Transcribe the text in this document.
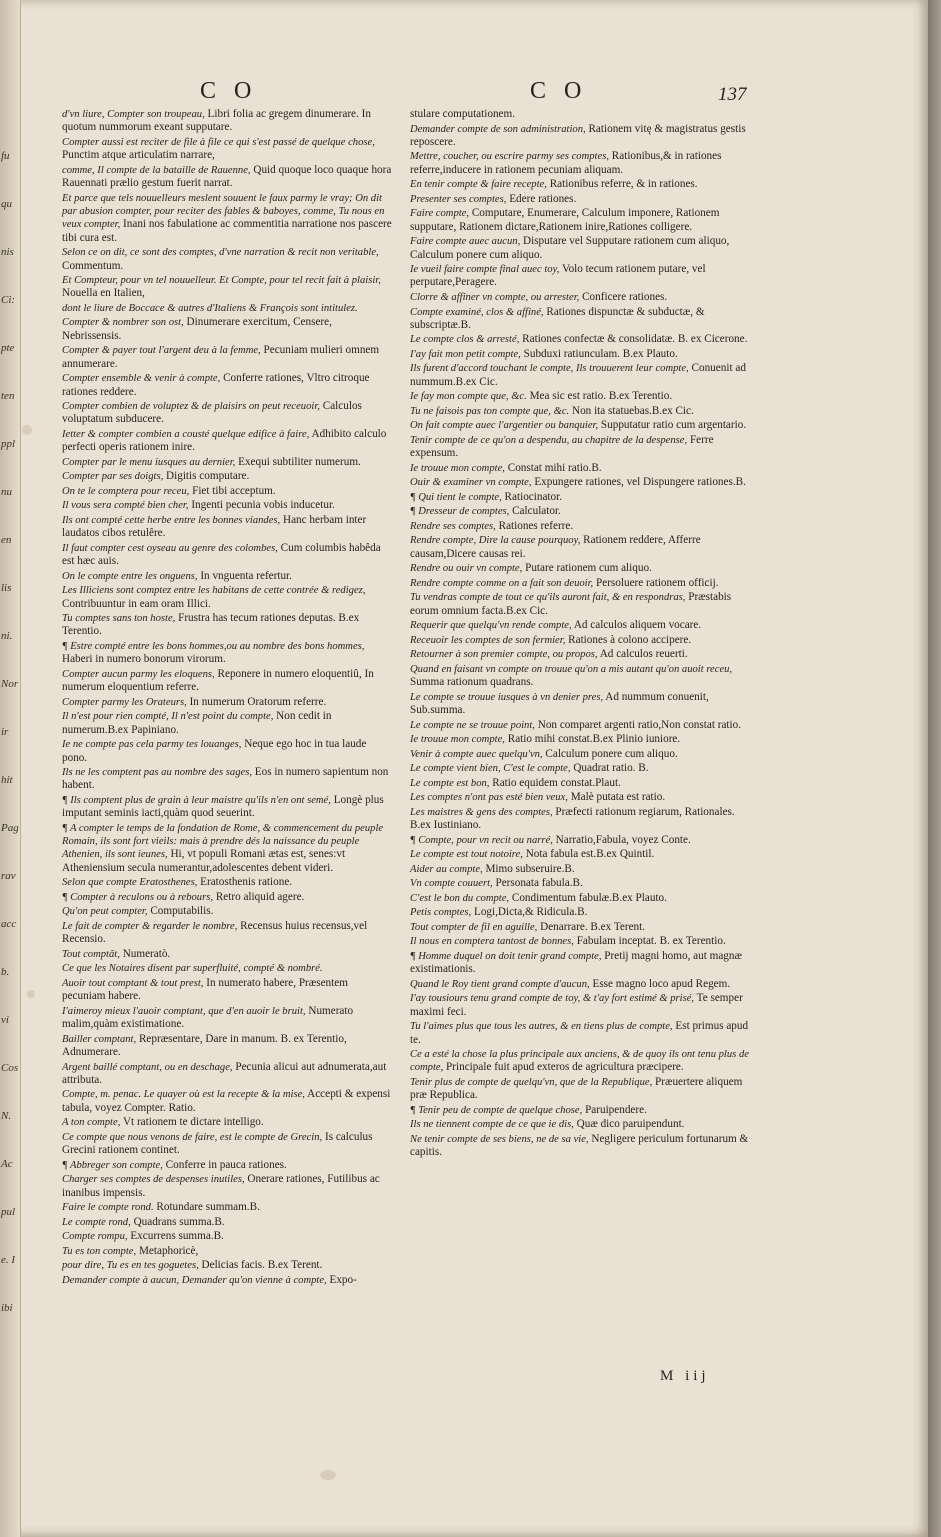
fu
qu
nis
Ci:
pte
ten
ppl
nu
en
lis
ni.
Nor
ir
hit
Pag
rav
acc
b.
vi
Cos
N.
Ac
pul
e. I
ibi
C O	C O	137
d'vn liure, Compter son troupeau, Libri folia ac gregem dinumerare. In quotum nummorum exeant supputare.
Compter aussi est reciter de file à file ce qui s'est passé de quelque chose, Punctim atque articulatim narrare,
comme, Il compte de la bataille de Rauenne, Quid quoque loco quaque hora Rauennati prælio gestum fuerit narrat.
Et parce que tels nouuelleurs meslent souuent le faux parmy le vray; On dit par abusion compter, pour reciter des fables & baboyes, comme, Tu nous en veux compter, Inani nos fabulatione ac commentitia narratione nos pascere tibi cura est.
Selon ce on dit, ce sont des comptes, d'vne narration & recit non veritable, Commentum.
Et Compteur, pour vn tel nouuelleur. Et Compte, pour tel recit fait à plaisir, Nouella en Italien,
dont le liure de Boccace & autres d'Italiens & François sont intitulez.
Compter & nombrer son ost, Dinumerare exercitum, Censere, Nebrissensis.
Compter & payer tout l'argent deu à la femme, Pecuniam mulieri omnem annumerare.
Compter ensemble & venir à compte, Conferre rationes, Vltro citroque rationes reddere.
Compter combien de voluptez & de plaisirs on peut receuoir, Calculos voluptatum subducere.
Ietter & compter combien a cousté quelque edifice à faire, Adhibito calculo perfecti operis rationem inire.
Compter par le menu iusques au dernier, Exequi subtiliter numerum.
Compter par ses doigts, Digitis computare.
On te le comptera pour receu, Fiet tibi acceptum.
Il vous sera compté bien cher, Ingenti pecunia vobis inducetur.
Ils ont compté cette herbe entre les bonnes viandes, Hanc herbam inter laudatos cibos retulêre.
Il faut compter cest oyseau au genre des colombes, Cum columbis habêda est hæc auis.
On le compte entre les onguens, In vnguenta refertur.
Les Illiciens sont comptez entre les habitans de cette contrée & redigez, Contribuuntur in eam oram Illici.
Tu comptes sans ton hoste, Frustra has tecum rationes deputas. B.ex Terentio.
¶ Estre compté entre les bons hommes,ou au nombre des bons hommes, Haberi in numero bonorum virorum.
Compter aucun parmy les eloquens, Reponere in numero eloquentiû, In numerum eloquentium referre.
Compter parmy les Orateurs, In numerum Oratorum referre.
Il n'est pour rien compté, Il n'est point du compte, Non cedit in numerum.B.ex Papiniano.
Ie ne compte pas cela parmy tes louanges, Neque ego hoc in tua laude pono.
Ils ne les comptent pas au nombre des sages, Eos in numero sapientum non habent.
¶ Ils comptent plus de grain à leur maistre qu'ils n'en ont semé, Longè plus imputant seminis iacti,quàm quod seuerint.
¶ A compter le temps de la fondation de Rome, & commencement du peuple Romain, ils sont fort vieils: mais à prendre dés la naissance du peuple Athenien, ils sont ieunes, Hi, vt populi Romani ætas est, senes:vt Atheniensium secula numerantur,adolescentes debent videri.
Selon que compte Eratosthenes, Eratosthenis ratione.
¶ Compter à reculons ou à rebours, Retro aliquid agere.
Qu'on peut compter, Computabilis.
Le fait de compter & regarder le nombre, Recensus huius recensus,vel Recensio.
Tout comptât, Numeratò.
Ce que les Notaires disent par superfluité, compté & nombré.
Auoir tout comptant & tout prest, In numerato habere, Præsentem pecuniam habere.
I'aimeroy mieux l'auoir comptant, que d'en auoir le bruit, Numerato malim,quàm existimatione.
Bailler comptant, Repræsentare, Dare in manum. B. ex Terentio, Adnumerare.
Argent baillé comptant, ou en deschage, Pecunia alicui aut adnumerata,aut attributa.
Compte, m. penac. Le quayer où est la recepte & la mise, Accepti & expensi tabula, voyez Compter. Ratio.
A ton compte, Vt rationem te dictare intelligo.
Ce compte que nous venons de faire, est le compte de Grecin, Is calculus Grecini rationem continet.
¶ Abbreger son compte, Conferre in pauca rationes.
Charger ses comptes de despenses inutiles, Onerare rationes, Futilibus ac inanibus impensis.
Faire le compte rond. Rotundare summam.B.
Le compte rond, Quadrans summa.B.
Compte rompu, Excurrens summa.B.
Tu es ton compte, Metaphoricè,
pour dire, Tu es en tes goguetes, Delicias facis. B.ex Terent.
Demander compte à aucun, Demander qu'on vienne à compte, Expo-
stulare computationem.
Demander compte de son administration, Rationem vitę & magistratus gestis reposcere.
Mettre, coucher, ou escrire parmy ses comptes, Rationibus,& in rationes referre,inducere in rationem pecuniam aliquam.
En tenir compte & faire recepte, Rationibus referre, & in rationes.
Presenter ses comptes, Edere rationes.
Faire compte, Computare, Enumerare, Calculum imponere, Rationem supputare, Rationem dictare,Rationem inire,Rationes colligere.
Faire compte auec aucun, Disputare vel Supputare rationem cum aliquo, Calculum ponere cum aliquo.
Ie vueil faire compte final auec toy, Volo tecum rationem putare, vel perputare,Peragere.
Clorre & affiner vn compte, ou arrester, Conficere rationes.
Compte examiné, clos & affiné, Rationes dispunctæ & subductæ, & subscriptæ.B.
Le compte clos & arresté, Rationes confectæ & consolidatæ. B. ex Cicerone.
I'ay fait mon petit compte, Subduxi ratiunculam. B.ex Plauto.
Ils furent d'accord touchant le compte, Ils trouuerent leur compte, Conuenit ad nummum.B.ex Cic.
Ie fay mon compte que, &c. Mea sic est ratio. B.ex Terentio.
Tu ne faisois pas ton compte que, &c. Non ita statuebas.B.ex Cic.
On fait compte auec l'argentier ou banquier, Supputatur ratio cum argentario.
Tenir compte de ce qu'on a despendu, au chapitre de la despense, Ferre expensum.
Ie trouue mon compte, Constat mihi ratio.B.
Ouir & examiner vn compte, Expungere rationes, vel Dispungere rationes.B.
¶ Qui tient le compte, Ratiocinator.
¶ Dresseur de comptes, Calculator.
Rendre ses comptes, Rationes referre.
Rendre compte, Dire la cause pourquoy, Rationem reddere, Afferre causam,Dicere causas rei.
Rendre ou ouir vn compte, Putare rationem cum aliquo.
Rendre compte comme on a fait son deuoir, Persoluere rationem officij.
Tu vendras compte de tout ce qu'ils auront fait, & en respondras, Præstabis eorum omnium facta.B.ex Cic.
Requerir que quelqu'vn rende compte, Ad calculos aliquem vocare.
Receuoir les comptes de son fermier, Rationes à colono accipere.
Retourner à son premier compte, ou propos, Ad calculos reuerti.
Quand en faisant vn compte on trouue qu'on a mis autant qu'on auoit receu, Summa rationum quadrans.
Le compte se trouue iusques à vn denier pres, Ad nummum conuenit, Sub.summa.
Le compte ne se trouue point, Non comparet argenti ratio,Non constat ratio.
Ie trouue mon compte, Ratio mihi constat.B.ex Plinio iuniore.
Venir à compte auec quelqu'vn, Calculum ponere cum aliquo.
Le compte vient bien, C'est le compte, Quadrat ratio. B.
Le compte est bon, Ratio equidem constat.Plaut.
Les comptes n'ont pas esté bien veux, Malè putata est ratio.
Les maistres & gens des comptes, Præfecti rationum regiarum, Rationales. B.ex Iustiniano.
¶ Compte, pour vn recit ou narré, Narratio,Fabula, voyez Conte.
Le compte est tout notoire, Nota fabula est.B.ex Quintil.
Aider au compte, Mimo subseruire.B.
Vn compte couuert, Personata fabula.B.
C'est le bon du compte, Condimentum fabulæ.B.ex Plauto.
Petis comptes, Logi,Dicta,& Ridicula.B.
Tout compter de fil en aguille, Denarrare. B.ex Terent.
Il nous en comptera tantost de bonnes, Fabulam inceptat. B. ex Terentio.
¶ Homme duquel on doit tenir grand compte, Pretij magni homo, aut magnæ existimationis.
Quand le Roy tient grand compte d'aucun, Esse magno loco apud Regem.
I'ay tousiours tenu grand compte de toy, & t'ay fort estimé & prisé, Te semper maximi feci.
Tu l'aimes plus que tous les autres, & en tiens plus de compte, Est primus apud te.
Ce a esté la chose la plus principale aux anciens, & de quoy ils ont tenu plus de compte, Principale fuit apud exteros de agricultura præcipere.
Tenir plus de compte de quelqu'vn, que de la Republique, Præuertere aliquem præ Republica.
¶ Tenir peu de compte de quelque chose, Paruipendere.
Ils ne tiennent compte de ce que ie dis, Quæ dico paruipendunt.
Ne tenir compte de ses biens, ne de sa vie, Negligere periculum fortunarum & capitis.
M iij
